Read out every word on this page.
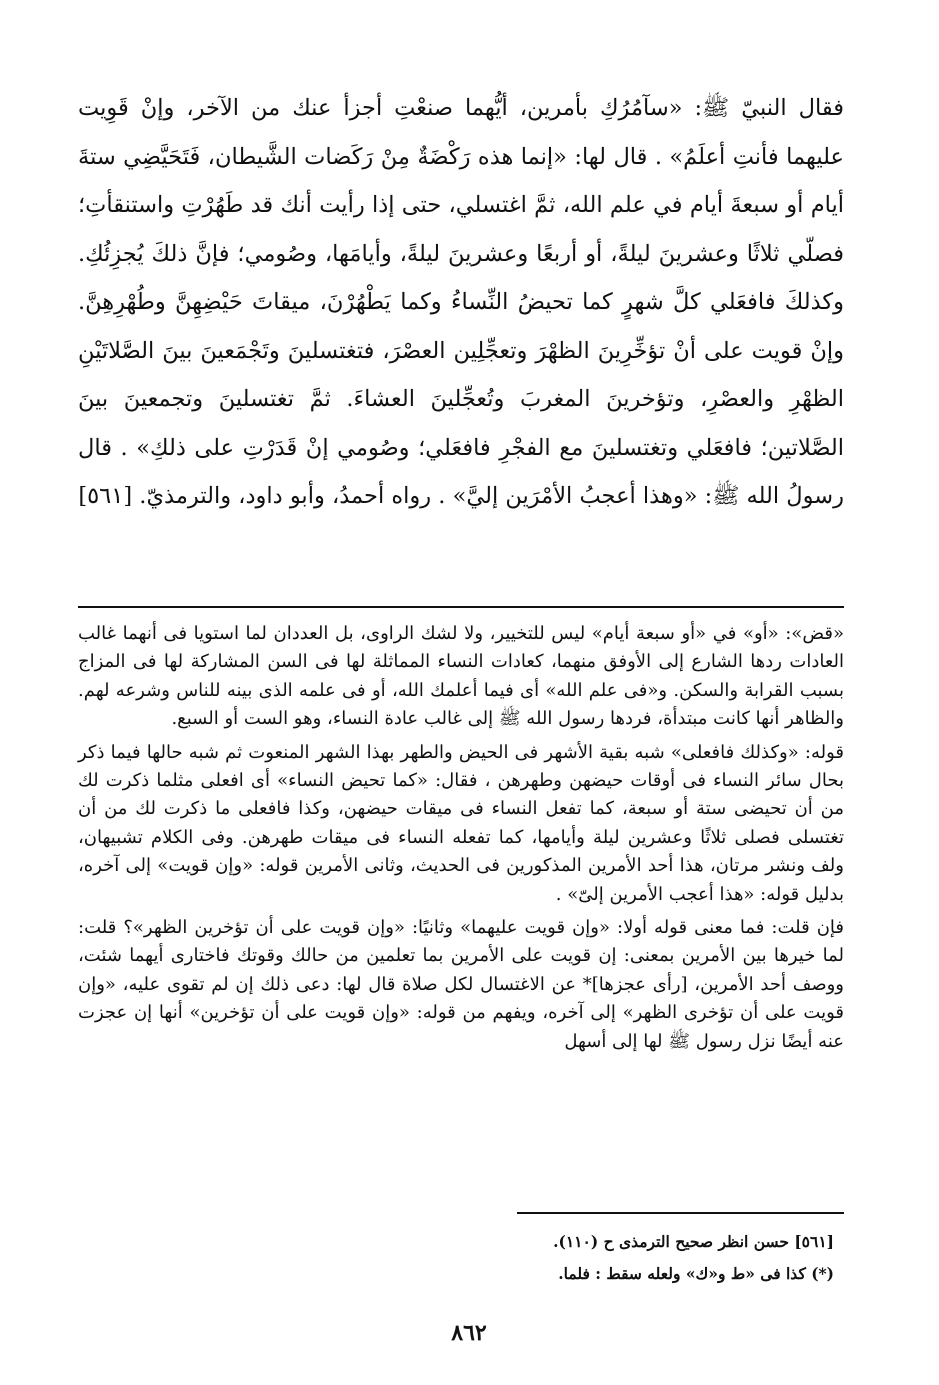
فقال النبيّ ﷺ: «سآمُرُكِ بأمرين، أيُّهما صنعْتِ أجزأ عنك من الآخر، وإنْ قَوِيت عليهما فأنتِ أعلَمُ» . قال لها: «إنما هذه رَكْضَةٌ مِنْ رَكَضات الشَّيطان، فَتَحَيَّضِي ستةَ أيام أو سبعةَ أيام في علم الله، ثمَّ اغتسلي، حتى إذا رأيت أنك قد طَهُرْتِ واستنقأتِ؛ فصلّي ثلاثًا وعشرينَ ليلةً، أو أربعًا وعشرينَ ليلةً، وأيامَها، وصُومي؛ فإنَّ ذلكَ يُجزِئُكِ. وكذلكَ فافعَلي كلَّ شهرٍ كما تحيضُ النِّساءُ وكما يَطْهُرْنَ، ميقاتَ حَيْضِهِنَّ وطُهْرِهِنَّ. وإنْ قويت على أنْ تؤخِّرِينَ الظهْرَ وتعجِّلِين العصْرَ، فتغتسلينَ وتَجْمَعينَ بينَ الصَّلاتَيْنِ الظهْرِ والعصْرِ، وتؤخرينَ المغربَ وتُعجِّلينَ العشاءَ. ثمَّ تغتسلينَ وتجمعينَ بينَ الصَّلاتين؛ فافعَلي وتغتسلينَ مع الفجْرِ فافعَلي؛ وصُومي إنْ قَدَرْتِ على ذلكِ» . قال رسولُ الله ﷺ: «وهذا أعجبُ الأمْرَين إليَّ» . رواه أحمدُ، وأبو داود، والترمذيّ. [٥٦١]

«قض»: «أو» في «أو سبعة أيام» ليس للتخيير، ولا لشك الراوى، بل العددان لما استويا فى أنهما غالب العادات ردها الشارع إلى الأوفق منهما، كعادات النساء المماثلة لها فى السن المشاركة لها فى المزاج بسبب القرابة والسكن. و«فى علم الله» أى فيما أعلمك الله، أو فى علمه الذى بينه للناس وشرعه لهم. والظاهر أنها كانت مبتدأة، فردها رسول الله ﷺ إلى غالب عادة النساء، وهو الست أو السبع.

قوله: «وكذلك فافعلى» شبه بقية الأشهر فى الحيض والطهر بهذا الشهر المنعوت ثم شبه حالها فيما ذكر بحال سائر النساء فى أوقات حيضهن وطهرهن ، فقال: «كما تحيض النساء» أى افعلى مثلما ذكرت لك من أن تحيضى ستة أو سبعة، كما تفعل النساء فى ميقات حيضهن، وكذا فافعلى ما ذكرت لك من أن تغتسلى فصلى ثلاثًا وعشرين ليلة وأيامها، كما تفعله النساء فى ميقات طهرهن. وفى الكلام تشبيهان، ولف ونشر مرتان، هذا أحد الأمرين المذكورين فى الحديث، وثانى الأمرين قوله: «وإن قويت» إلى آخره، بدليل قوله: «هذا أعجب الأمرين إلىّ» .

فإن قلت: فما معنى قوله أولا: «وإن قويت عليهما» وثانيًا: «وإن قويت على أن تؤخرين الظهر»؟ قلت: لما خيرها بين الأمرين بمعنى: إن قويت على الأمرين بما تعلمين من حالك وقوتك فاختارى أيهما شئت، ووصف أحد الأمرين، [رأى عجزها]* عن الاغتسال لكل صلاة قال لها: دعى ذلك إن لم تقوى عليه، «وإن قويت على أن تؤخرى الظهر» إلى آخره، ويفهم من قوله: «وإن قويت على أن تؤخرين» أنها إن عجزت عنه أيضًا نزل رسول ﷺ لها إلى أسهل

[٥٦١] حسن انظر صحيح الترمذى ح (١١٠).

(*) كذا فى «ط و«ك» ولعله سقط : فلما.

٨٦٢
